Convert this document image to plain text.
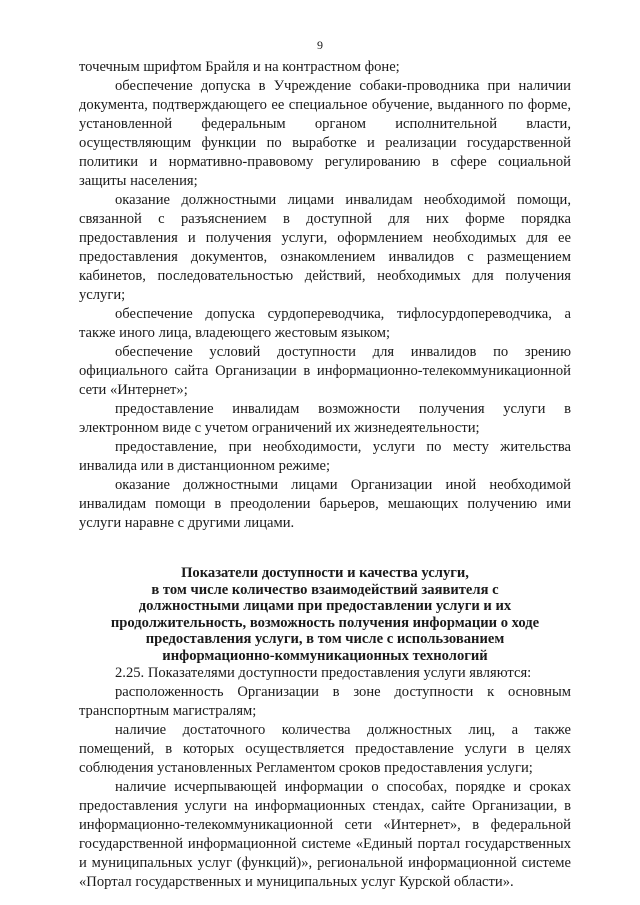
9

точечным шрифтом Брайля и на контрастном фоне;

обеспечение допуска в Учреждение собаки-проводника при наличии документа, подтверждающего ее специальное обучение, выданного по форме, установленной федеральным органом исполнительной власти, осуществляющим функции по выработке и реализации государственной политики и нормативно-правовому регулированию в сфере социальной защиты населения;

оказание должностными лицами инвалидам необходимой помощи, связанной с разъяснением в доступной для них форме порядка предоставления и получения услуги, оформлением необходимых для ее предоставления документов, ознакомлением инвалидов с размещением кабинетов, последовательностью действий, необходимых для получения услуги;

обеспечение допуска сурдопереводчика, тифлосурдопереводчика, а также иного лица, владеющего жестовым языком;

обеспечение условий доступности для инвалидов по зрению официального сайта Организации в информационно-телекоммуникационной сети «Интернет»;

предоставление инвалидам возможности получения услуги в электронном виде с учетом ограничений их жизнедеятельности;

предоставление, при необходимости, услуги по месту жительства инвалида или в дистанционном режиме;

оказание должностными лицами Организации иной необходимой инвалидам помощи в преодолении барьеров, мешающих получению ими услуги наравне с другими лицами.

Показатели доступности и качества услуги,
в том числе количество взаимодействий заявителя с
должностными лицами при предоставлении услуги и их
продолжительность, возможность получения информации о ходе
предоставления услуги, в том числе с использованием
информационно-коммуникационных технологий

2.25. Показателями доступности предоставления услуги являются:

расположенность Организации в зоне доступности к основным транспортным магистралям;

наличие достаточного количества должностных лиц, а также помещений, в которых осуществляется предоставление услуги в целях соблюдения установленных Регламентом сроков предоставления услуги;

наличие исчерпывающей информации о способах, порядке и сроках предоставления услуги на информационных стендах, сайте Организации, в информационно-телекоммуникационной сети «Интернет», в федеральной государственной информационной системе «Единый портал государственных и муниципальных услуг (функций)», региональной информационной системе «Портал государственных и муниципальных услуг Курской области».
